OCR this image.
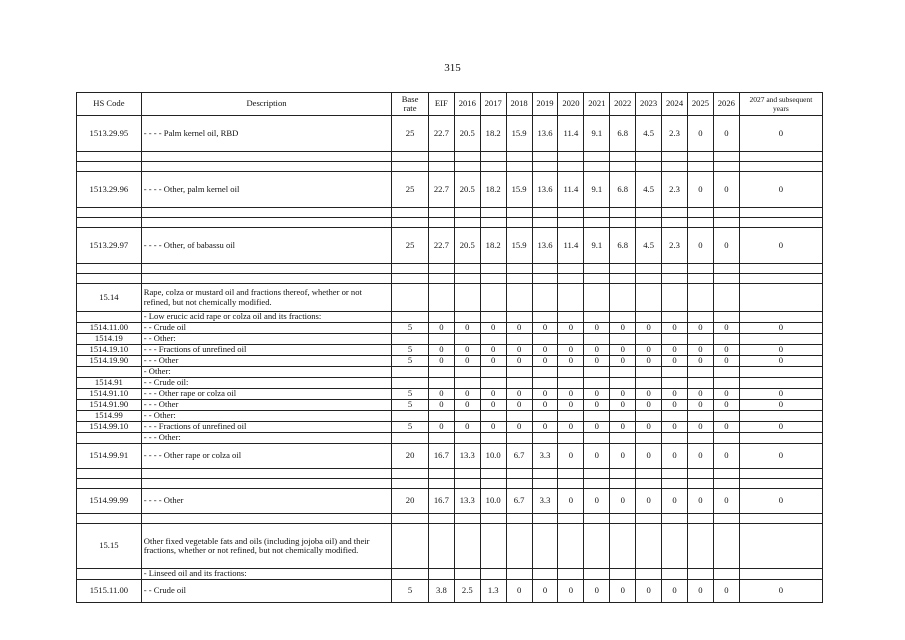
315
HS Code	Description	Base rate	EIF	2016	2017	2018	2019	2020	2021	2022	2023	2024	2025	2026	2027 and subsequent years
1513.29.95	- - - - Palm kernel oil, RBD	25	22.7	20.5	18.2	15.9	13.6	11.4	9.1	6.8	4.5	2.3	0	0	0

1513.29.96	- - - - Other, palm kernel oil	25	22.7	20.5	18.2	15.9	13.6	11.4	9.1	6.8	4.5	2.3	0	0	0

1513.29.97	- - - - Other, of babassu oil	25	22.7	20.5	18.2	15.9	13.6	11.4	9.1	6.8	4.5	2.3	0	0	0

15.14	Rape, colza or mustard oil and fractions thereof, whether or not refined, but not chemically modified.														
	- Low erucic acid rape or colza oil and its fractions:														
1514.11.00	- - Crude oil	5	0	0	0	0	0	0	0	0	0	0	0	0	0
1514.19	- - Other:														
1514.19.10	- - - Fractions of unrefined oil	5	0	0	0	0	0	0	0	0	0	0	0	0	0
1514.19.90	- - - Other	5	0	0	0	0	0	0	0	0	0	0	0	0	0
	- Other:														
1514.91	- - Crude oil:														
1514.91.10	- - - Other rape or colza oil	5	0	0	0	0	0	0	0	0	0	0	0	0	0
1514.91.90	- - - Other	5	0	0	0	0	0	0	0	0	0	0	0	0	0
1514.99	- - Other:														
1514.99.10	- - - Fractions of unrefined oil	5	0	0	0	0	0	0	0	0	0	0	0	0	0
	- - - Other:														
1514.99.91	- - - - Other rape or colza oil	20	16.7	13.3	10.0	6.7	3.3	0	0	0	0	0	0	0	0

1514.99.99	- - - - Other	20	16.7	13.3	10.0	6.7	3.3	0	0	0	0	0	0	0	0

15.15	Other fixed vegetable fats and oils (including jojoba oil) and their fractions, whether or not refined, but not chemically modified.														
	- Linseed oil and its fractions:														
1515.11.00	- - Crude oil	5	3.8	2.5	1.3	0	0	0	0	0	0	0	0	0	0
